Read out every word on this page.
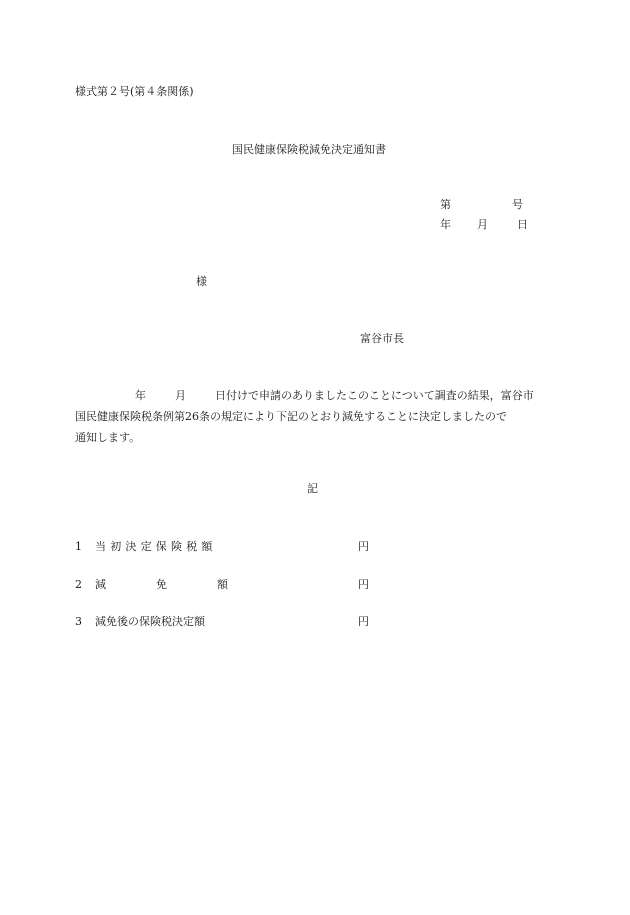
様式第２号(第４条関係)
国民健康保険税減免決定通知書
第	号
年 月	日
様
富谷市長

年	月	日付けで申請のありましたこのことについて調査の結果，富谷市

国民健康保険税条例第26条の規定により下記のとおり減免することに決定しましたので

通知します。

記
1 当初決定保険税額	円
2 減免額	円
3 減免後の保険税決定額	円
